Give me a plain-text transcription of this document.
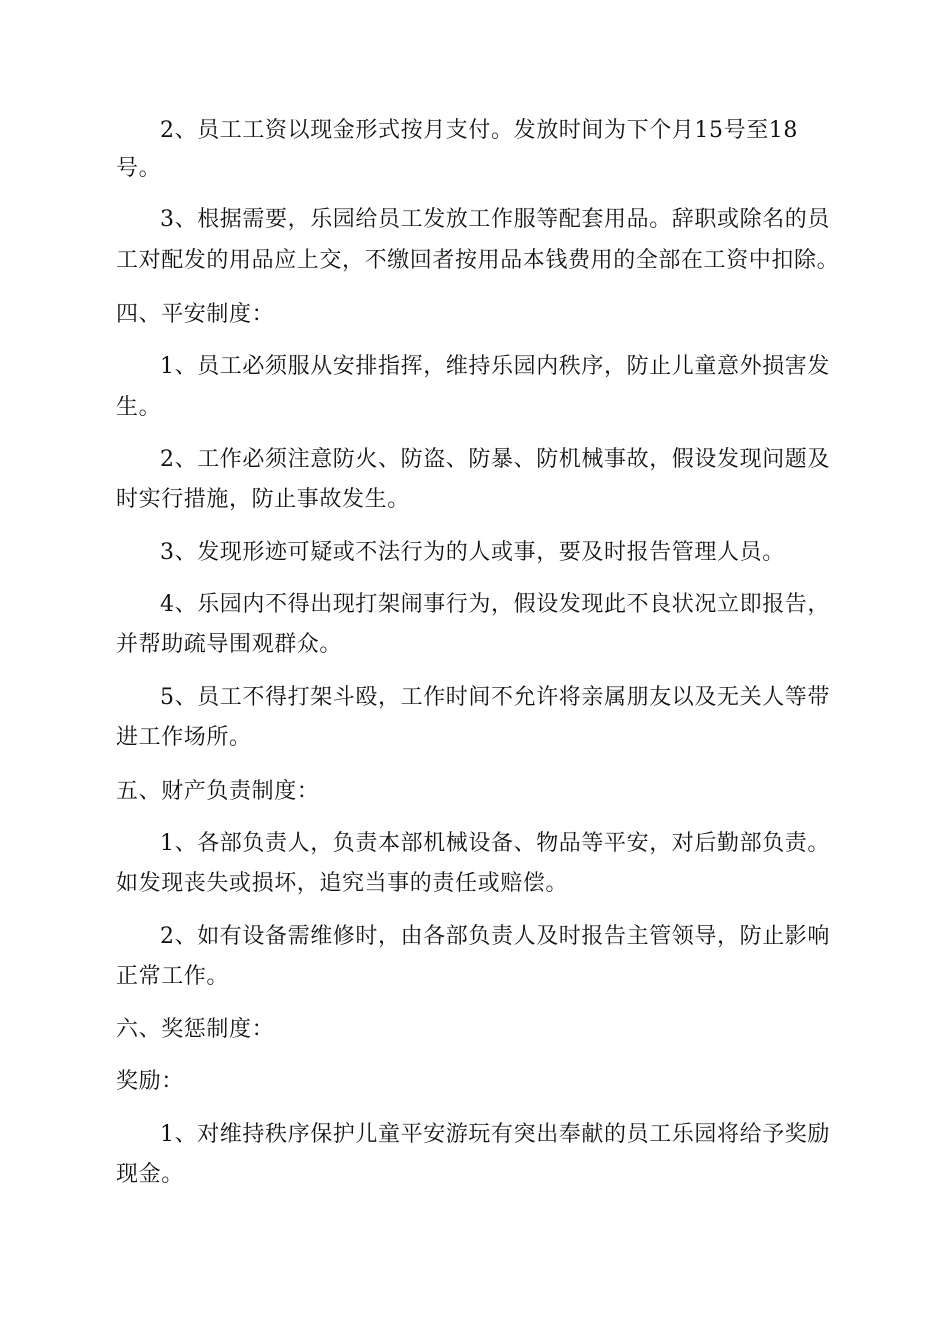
2、员工工资以现金形式按月支付。发放时间为下个月15号至18
号。
3、根据需要，乐园给员工发放工作服等配套用品。辞职或除名的员
工对配发的用品应上交，不缴回者按用品本钱费用的全部在工资中扣除。
四、平安制度：
1、员工必须服从安排指挥，维持乐园内秩序，防止儿童意外损害发
生。
2、工作必须注意防火、防盗、防暴、防机械事故，假设发现问题及
时实行措施，防止事故发生。
3、发现形迹可疑或不法行为的人或事，要及时报告管理人员。
4、乐园内不得出现打架闹事行为，假设发现此不良状况立即报告，
并帮助疏导围观群众。
5、员工不得打架斗殴，工作时间不允许将亲属朋友以及无关人等带
进工作场所。
五、财产负责制度：
1、各部负责人，负责本部机械设备、物品等平安，对后勤部负责。
如发现丧失或损坏，追究当事的责任或赔偿。
2、如有设备需维修时，由各部负责人及时报告主管领导，防止影响
正常工作。
六、奖惩制度：
奖励：
1、对维持秩序保护儿童平安游玩有突出奉献的员工乐园将给予奖励
现金。
